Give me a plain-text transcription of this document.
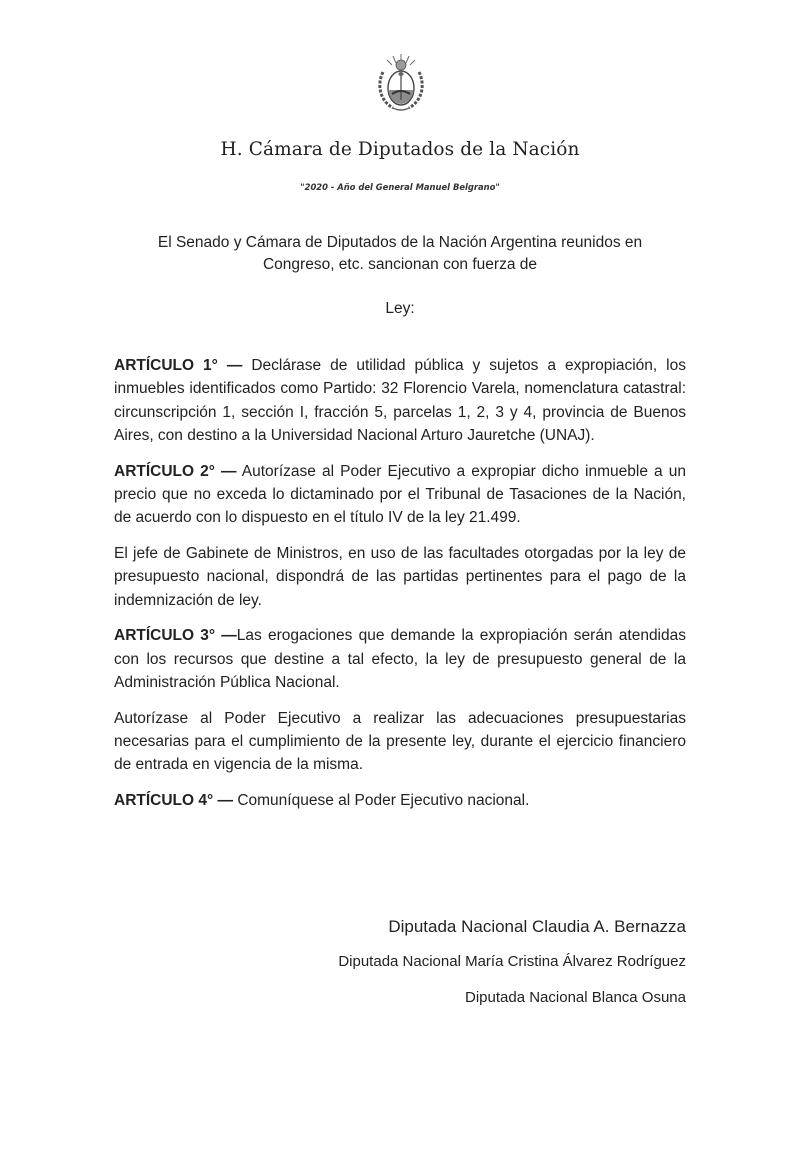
H. Cámara de Diputados de la Nación
"2020 - Año del General Manuel Belgrano"
El Senado y Cámara de Diputados de la Nación Argentina reunidos en Congreso, etc. sancionan con fuerza de
Ley:

ARTÍCULO 1° — Declárase de utilidad pública y sujetos a expropiación, los inmuebles identificados como Partido: 32 Florencio Varela, nomenclatura catastral: circunscripción 1, sección I, fracción 5, parcelas 1, 2, 3 y 4, provincia de Buenos Aires, con destino a la Universidad Nacional Arturo Jauretche (UNAJ).

ARTÍCULO 2° — Autorízase al Poder Ejecutivo a expropiar dicho inmueble a un precio que no exceda lo dictaminado por el Tribunal de Tasaciones de la Nación, de acuerdo con lo dispuesto en el título IV de la ley 21.499.

El jefe de Gabinete de Ministros, en uso de las facultades otorgadas por la ley de presupuesto nacional, dispondrá de las partidas pertinentes para el pago de la indemnización de ley.

ARTÍCULO 3° —Las erogaciones que demande la expropiación serán atendidas con los recursos que destine a tal efecto, la ley de presupuesto general de la Administración Pública Nacional.

Autorízase al Poder Ejecutivo a realizar las adecuaciones presupuestarias necesarias para el cumplimiento de la presente ley, durante el ejercicio financiero de entrada en vigencia de la misma.

ARTÍCULO 4° — Comuníquese al Poder Ejecutivo nacional.

Diputada Nacional Claudia A. Bernazza
Diputada Nacional María Cristina Álvarez Rodríguez
Diputada Nacional Blanca Osuna
